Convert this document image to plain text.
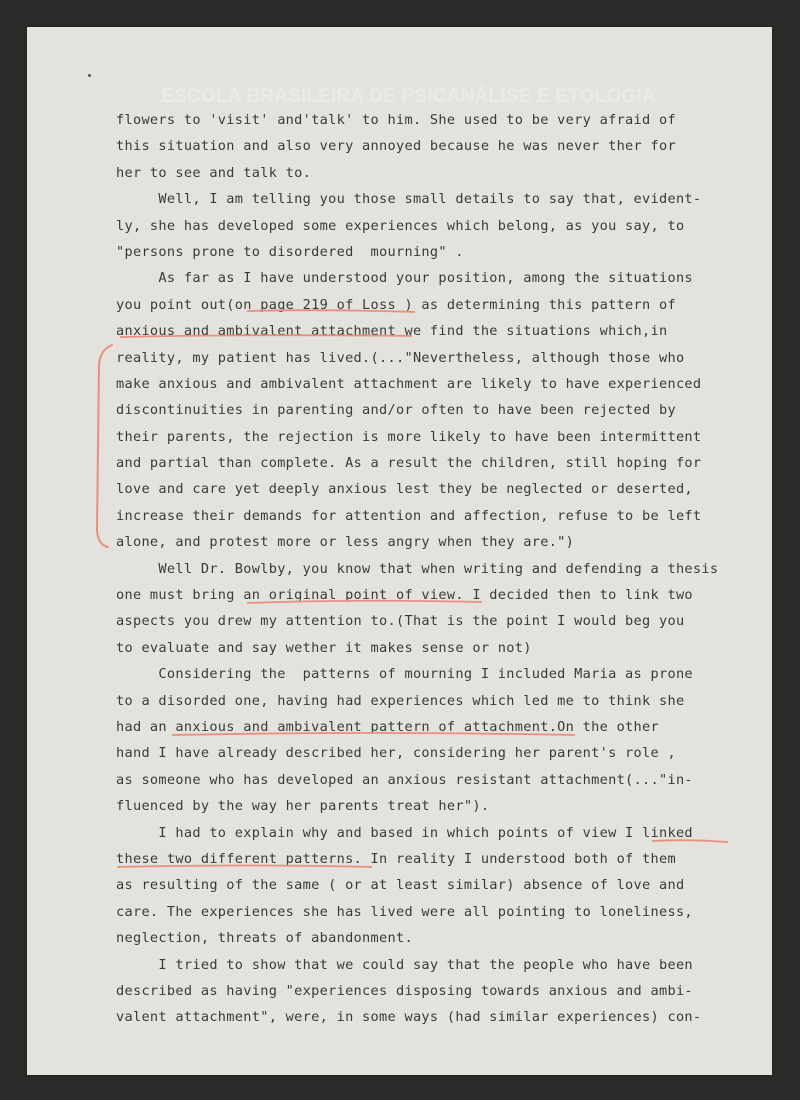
ESCOLA BRASILEIRA DE PSICANÁLISE E ETOLOGIA
flowers to 'visit' and'talk' to him. She used to be very afraid of
this situation and also very annoyed because he was never ther for
her to see and talk to.
Well, I am telling you those small details to say that, evident-
ly, she has developed some experiences which belong, as you say, to
"persons prone to disordered  mourning" .
As far as I have understood your position, among the situations
you point out(on page 219 of Loss ) as determining this pattern of
anxious and ambivalent attachment we find the situations which,in
reality, my patient has lived.(..."Nevertheless, although those who
make anxious and ambivalent attachment are likely to have experienced
discontinuities in parenting and/or often to have been rejected by
their parents, the rejection is more likely to have been intermittent
and partial than complete. As a result the children, still hoping for
love and care yet deeply anxious lest they be neglected or deserted,
increase their demands for attention and affection, refuse to be left
alone, and protest more or less angry when they are.")
Well Dr. Bowlby, you know that when writing and defending a thesis
one must bring an original point of view. I decided then to link two
aspects you drew my attention to.(That is the point I would beg you
to evaluate and say wether it makes sense or not)
Considering the  patterns of mourning I included Maria as prone
to a disorded one, having had experiences which led me to think she
had an anxious and ambivalent pattern of attachment.On the other
hand I have already described her, considering her parent's role ,
as someone who has developed an anxious resistant attachment(..."in-
fluenced by the way her parents treat her").
I had to explain why and based in which points of view I linked
these two different patterns. In reality I understood both of them
as resulting of the same ( or at least similar) absence of love and
care. The experiences she has lived were all pointing to loneliness,
neglection, threats of abandonment.
I tried to show that we could say that the people who have been
described as having "experiences disposing towards anxious and ambi-
valent attachment", were, in some ways (had similar experiences) con-
